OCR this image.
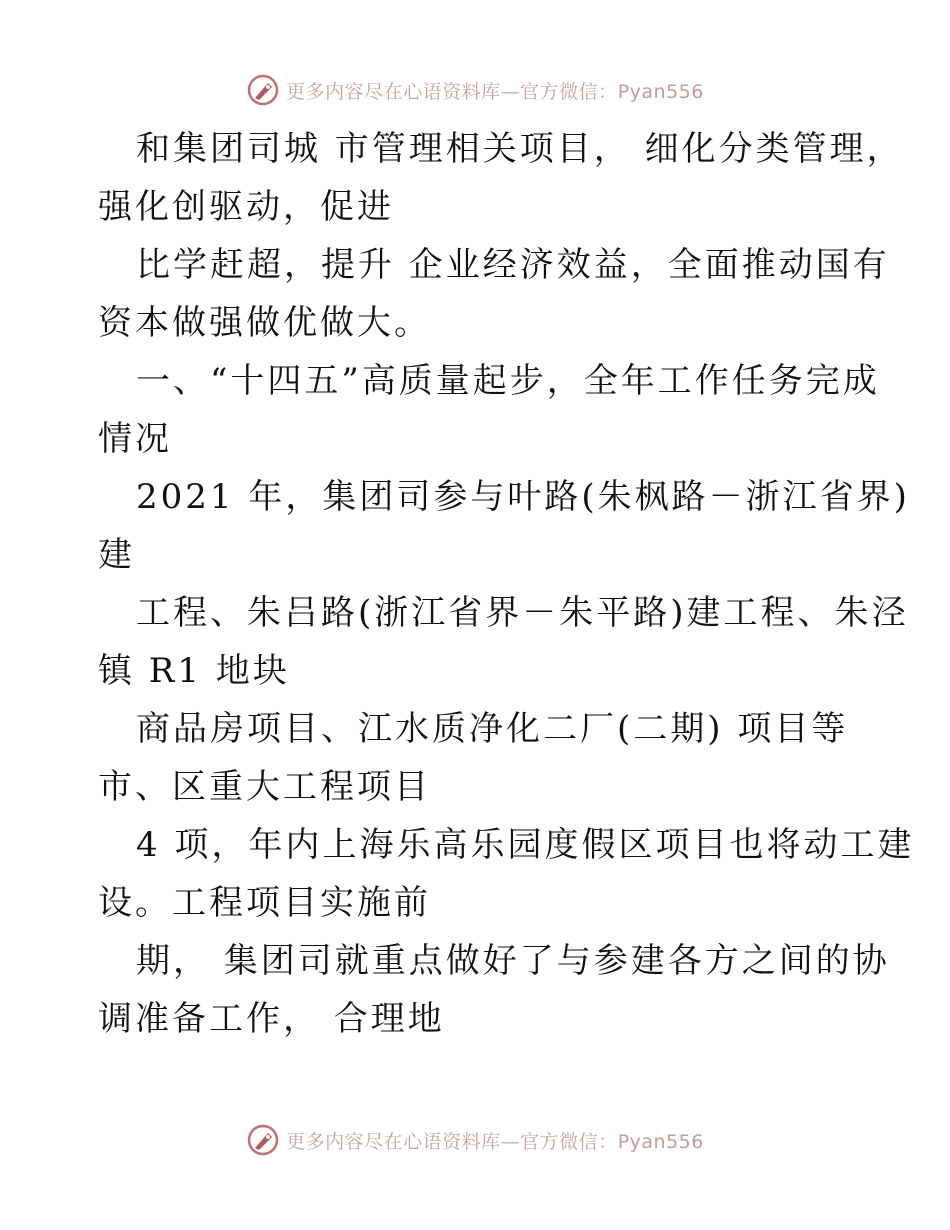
更多内容尽在心语资料库—官方微信：Pyan556

和集团司城 市管理相关项目， 细化分类管理，

强化创驱动，促进

比学赶超，提升 企业经济效益，全面推动国有

资本做强做优做大。

一、“十四五”高质量起步，全年工作任务完成

情况

2021 年，集团司参与叶路(朱枫路－浙江省界)

建

工程、朱吕路(浙江省界－朱平路)建工程、朱泾

镇 R1 地块

商品房项目、江水质净化二厂(二期) 项目等

市、区重大工程项目

4 项，年内上海乐高乐园度假区项目也将动工建

设。工程项目实施前

期， 集团司就重点做好了与参建各方之间的协

调准备工作， 合理地

更多内容尽在心语资料库—官方微信：Pyan556
